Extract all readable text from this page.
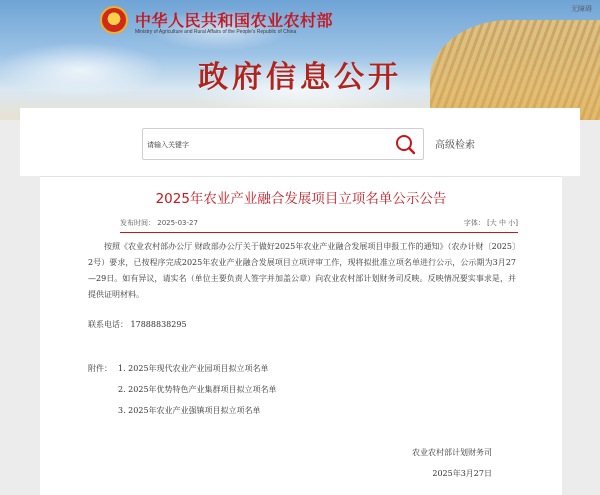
中华人民共和国农业农村部
Ministry of Agriculture and Rural Affairs of the People's Republic of China
无障碍
政府信息公开
请输入关键字
高级检索
2025年农业产业融合发展项目立项名单公示公告
发布时间： 2025-03-27	字体： [大 中 小]

按照《农业农村部办公厅 财政部办公厅关于做好2025年农业产业融合发展项目申报工作的通知》（农办计财〔2025〕2号）要求，已按程序完成2025年农业产业融合发展项目立项评审工作，现将拟批准立项名单进行公示，公示期为3月27—29日。如有异议，请实名（单位主要负责人签字并加盖公章）向农业农村部计划财务司反映。反映情况要实事求是，并提供证明材料。

联系电话： 17888838295
附件： 1. 2025年现代农业产业园项目拟立项名单
2. 2025年优势特色产业集群项目拟立项名单
3. 2025年农业产业强镇项目拟立项名单
农业农村部计划财务司
2025年3月27日
